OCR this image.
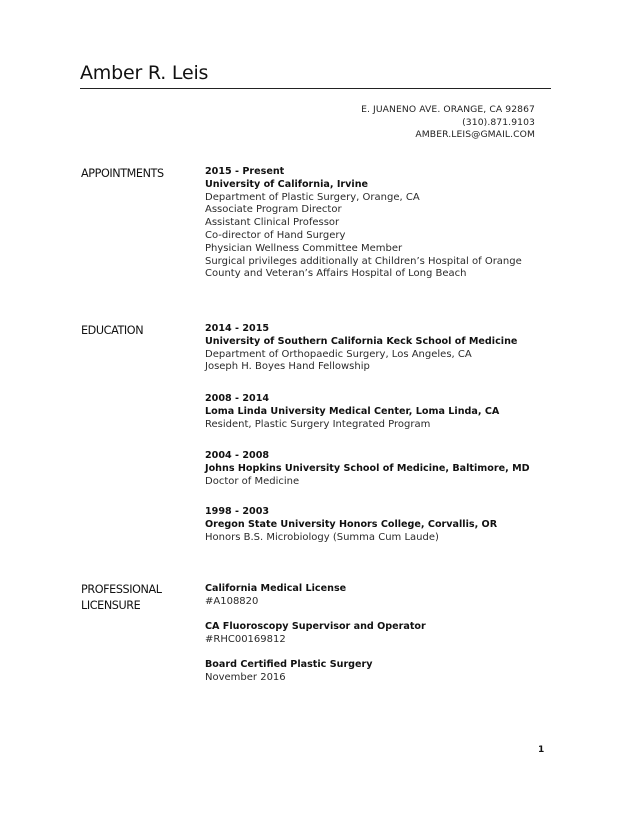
Amber R. Leis
E. JUANENO AVE. ORANGE, CA 92867
(310).871.9103
AMBER.LEIS@GMAIL.COM
APPOINTMENTS	2015 - Present
University of California, Irvine
Department of Plastic Surgery, Orange, CA
Associate Program Director
Assistant Clinical Professor
Co-director of Hand Surgery
Physician Wellness Committee Member
Surgical privileges additionally at Children’s Hospital of Orange
County and Veteran’s Affairs Hospital of Long Beach
EDUCATION	2014 - 2015
University of Southern California Keck School of Medicine
Department of Orthopaedic Surgery, Los Angeles, CA
Joseph H. Boyes Hand Fellowship
2008 - 2014
Loma Linda University Medical Center, Loma Linda, CA
Resident, Plastic Surgery Integrated Program
2004 - 2008
Johns Hopkins University School of Medicine, Baltimore, MD
Doctor of Medicine
1998 - 2003
Oregon State University Honors College, Corvallis, OR
Honors B.S. Microbiology (Summa Cum Laude)
PROFESSIONAL
LICENSURE
California Medical License
#A108820
CA Fluoroscopy Supervisor and Operator
#RHC00169812
Board Certified Plastic Surgery
November 2016
1
